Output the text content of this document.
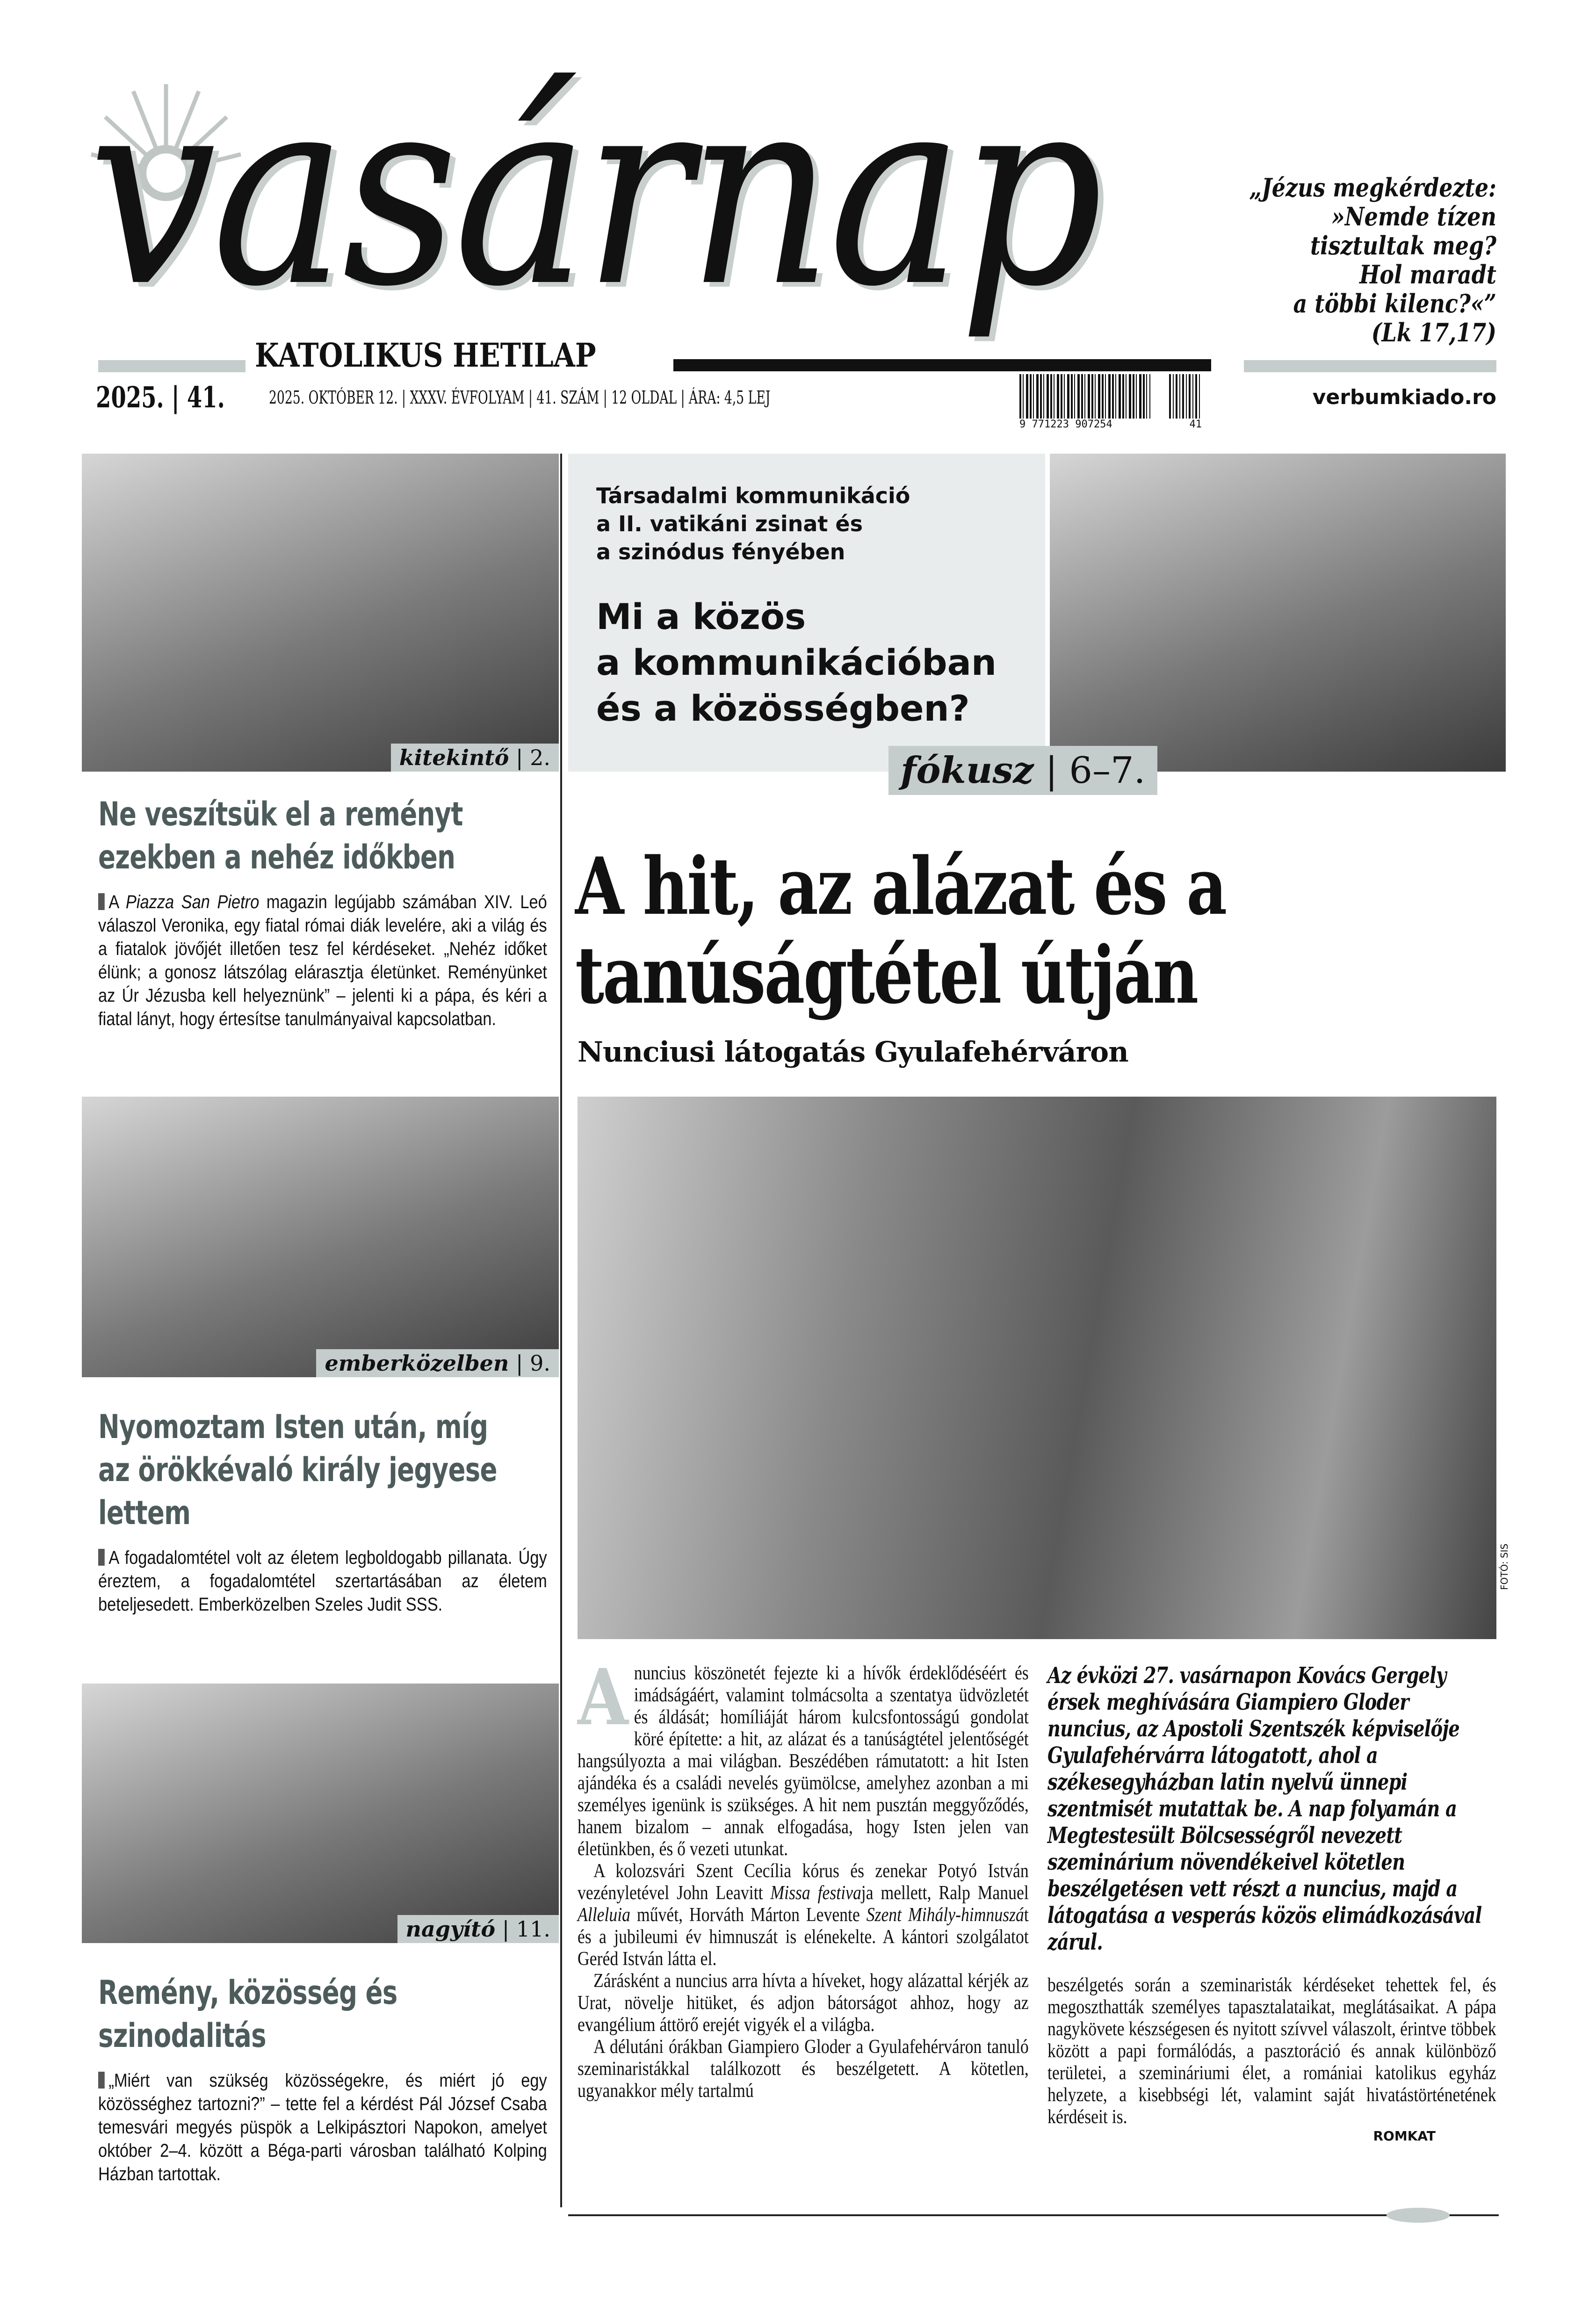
vasárnap
KATOLIKUS HETILAP
„Jézus megkérdezte:
»Nemde tízen
tisztultak meg?
Hol maradt
a többi kilenc?«”
(Lk 17,17)
2025. | 41. 2025. OKTÓBER 12. | XXXV. ÉVFOLYAM | 41. SZÁM | 12 OLDAL | ÁRA: 4,5 LEJ
9 771223 907254	41
verbumkiado.ro
kitekintő | 2.
Ne veszítsük el a reményt ezekben a nehéz időkben
A Piazza San Pietro magazin legújabb számában XIV. Leó válaszol Veronika, egy fiatal római diák levelére, aki a világ és a fiatalok jövőjét illetően tesz fel kérdéseket. „Nehéz időket élünk; a gonosz látszólag elárasztja életünket. Reményünket az Úr Jézusba kell helyeznünk” – jelenti ki a pápa, és kéri a fiatal lányt, hogy értesítse tanulmányaival kapcsolatban.
emberközelben | 9.
Nyomoztam Isten után, míg az örökkévaló király jegyese lettem
A fogadalomtétel volt az életem legboldogabb pillanata. Úgy éreztem, a fogadalomtétel szertartásában az életem beteljesedett. Emberközelben Szeles Judit SSS.
nagyító | 11.
Remény, közösség és szinodalitás
„Miért van szükség közösségekre, és miért jó egy közösséghez tartozni?” – tette fel a kérdést Pál József Csaba temesvári megyés püspök a Lelkipásztori Napokon, amelyet október 2–4. között a Béga-parti városban található Kolping Házban tartottak.
Társadalmi kommunikáció
a II. vatikáni zsinat és
a szinódus fényében
Mi a közös
a kommunikációban
és a közösségben?
fókusz | 6–7.
A hit, az alázat és a tanúságtétel útján
Nunciusi látogatás Gyulafehérváron
FOTÓ: SIS
A nuncius köszönetét fejezte ki a hívők érdeklődéséért és imádságáért, valamint tolmácsolta a szentatya üdvözletét és áldását; homíliáját három kulcsfontosságú gondolat köré építette: a hit, az alázat és a tanúságtétel jelentőségét hangsúlyozta a mai világban. Beszédében rámutatott: a hit Isten ajándéka és a családi nevelés gyümölcse, amelyhez azonban a mi személyes igenünk is szükséges. A hit nem pusztán meggyőződés, hanem bizalom – annak elfogadása, hogy Isten jelen van életünkben, és ő vezeti utunkat.

A kolozsvári Szent Cecília kórus és zenekar Potyó István vezényletével John Leavitt Missa festivaja mellett, Ralp Manuel Alleluia művét, Horváth Márton Levente Szent Mihály-himnuszát és a jubileumi év himnuszát is elénekelte. A kántori szolgálatot Geréd István látta el.

Zárásként a nuncius arra hívta a híveket, hogy alázattal kérjék az Urat, növelje hitüket, és adjon bátorságot ahhoz, hogy az evangélium áttörő erejét vigyék el a világba.

A délutáni órákban Giampiero Gloder a Gyulafehérváron tanuló szeminaristákkal találkozott és beszélgetett. A kötetlen, ugyanakkor mély tartalmú

Az évközi 27. vasárnapon Kovács Gergely érsek meghívására Giampiero Gloder nuncius, az Apostoli Szentszék képviselője Gyulafehérvárra látogatott, ahol a székesegyházban latin nyelvű ünnepi szentmisét mutattak be. A nap folyamán a Megtestesült Bölcsességről nevezett szeminárium növendékeivel kötetlen beszélgetésen vett részt a nuncius, majd a látogatása a vesperás közös elimádkozásával zárul.

beszélgetés során a szeminaristák kérdéseket tehettek fel, és megoszthatták személyes tapasztalataikat, meglátásaikat. A pápa nagykövete készségesen és nyitott szívvel válaszolt, érintve többek között a papi formálódás, a pasztoráció és annak különböző területei, a szemináriumi élet, a romániai katolikus egyház helyzete, a kisebbségi lét, valamint saját hivatástörténetének kérdéseit is.

ROMKAT
